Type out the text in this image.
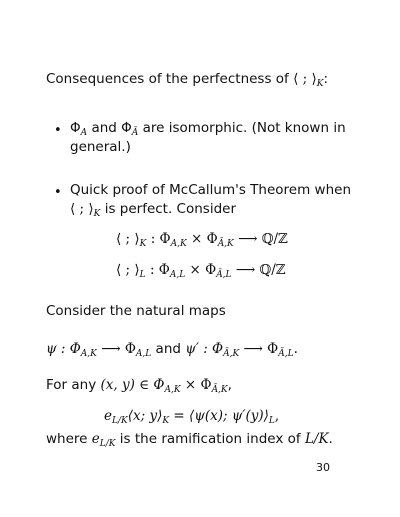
Consequences of the perfectness of ⟨ ; $⟩_K$:
• $\Phi_A$ and $\Phi_Ā$ are isomorphic. (Not known in general.)
• Quick proof of McCallum's Theorem when
⟨ ; $⟩_K$ is perfect. Consider
⟨ ; $⟩_K$ : $\Phi_{A,K} \times \Phi_{Ā,K}$ ⟶ ℚ/ℤ
⟨ ; $⟩_L$ : $\Phi_{A,L} \times \Phi_{Ā,L}$ ⟶ ℚ/ℤ
Consider the natural maps
ψ : $\Phi_{A,K}$ ⟶ $\Phi_{A,L}$ and ψ′ : $\Phi_{Ā,K}$ ⟶ $\Phi_{Ā,L}$.
For any (x, y) ∈ $\Phi_{A,K} \times \Phi_{Ā,K}$,
$e_{L/K}⟨x$; $y⟩_K$ = ⟨ψ(x); $\psi'(y)⟩_L$,
where $e_{L/K}$ is the ramification index of L/K.
30
